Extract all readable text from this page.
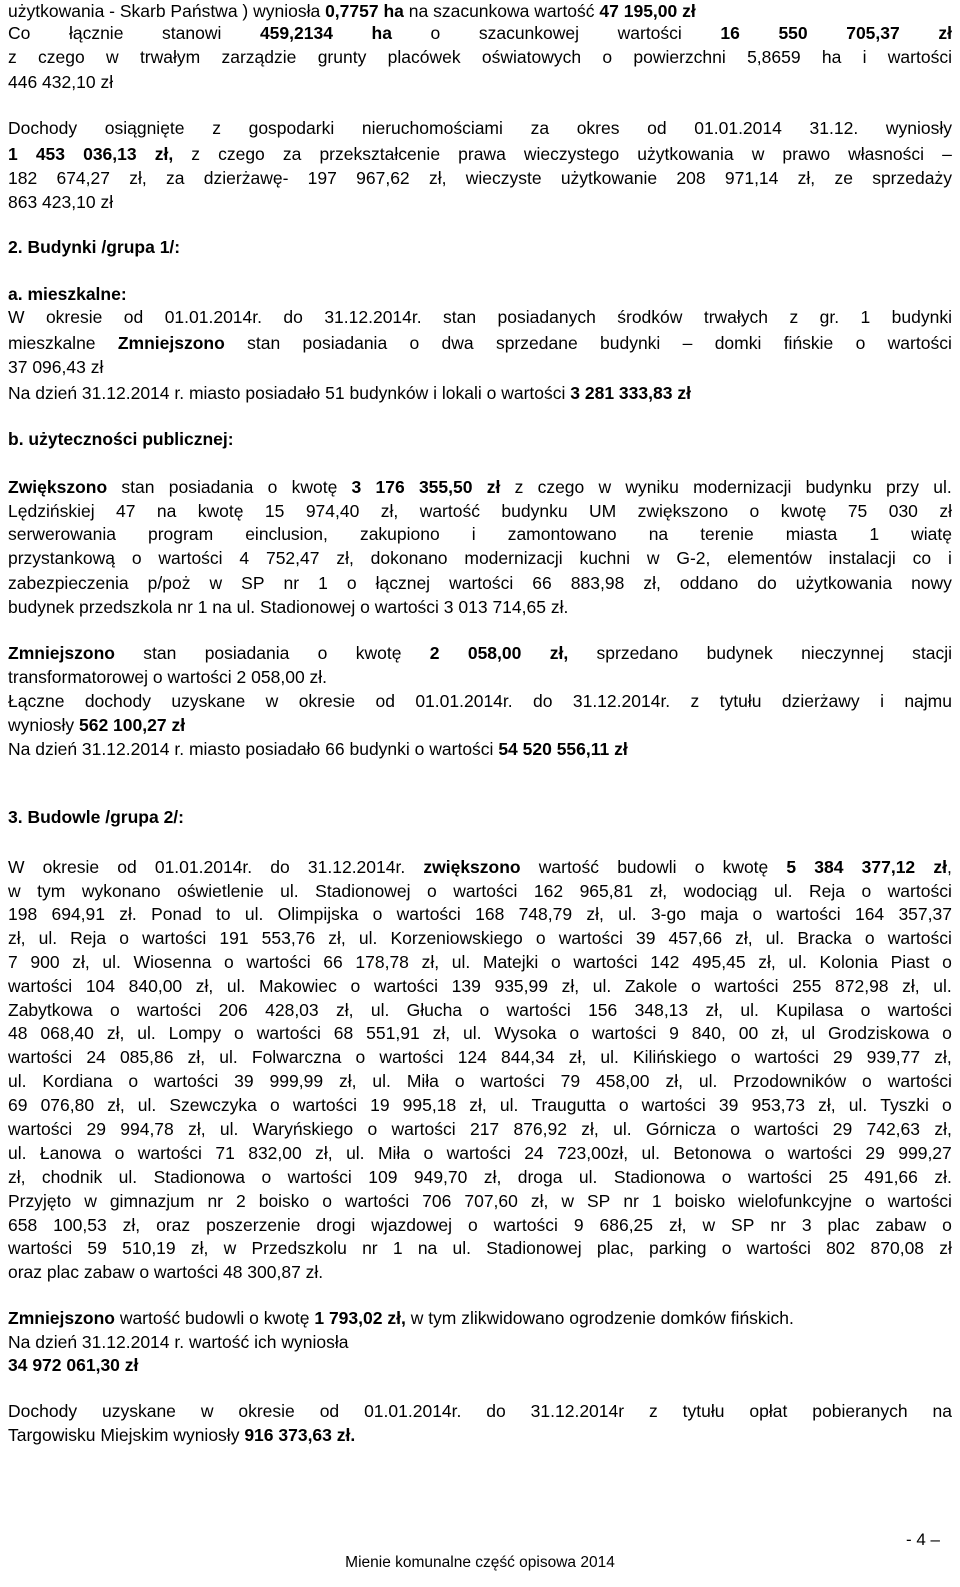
użytkowania - Skarb Państwa ) wyniosła 0,7757 ha na szacunkowa wartość 47 195,00 zł
Co łącznie stanowi 459,2134 ha o szacunkowej wartości 16 550 705,37 zł
z czego w trwałym zarządzie grunty placówek oświatowych o powierzchni 5,8659 ha i wartości
446 432,10 zł
Dochody osiągnięte z gospodarki nieruchomościami za okres od 01.01.2014 31.12. wyniosły
1 453 036,13 zł, z czego za przekształcenie prawa wieczystego użytkowania w prawo własności –
182 674,27 zł, za dzierżawę- 197 967,62 zł, wieczyste użytkowanie 208 971,14 zł, ze sprzedaży
863 423,10 zł
2. Budynki /grupa 1/:
a. mieszkalne:
W okresie od 01.01.2014r. do 31.12.2014r. stan posiadanych środków trwałych z gr. 1 budynki
mieszkalne Zmniejszono stan posiadania o dwa sprzedane budynki – domki fińskie o wartości
37 096,43 zł
Na dzień 31.12.2014 r. miasto posiadało 51 budynków i lokali o wartości 3 281 333,83 zł
b. użyteczności publicznej:
Zwiększono stan posiadania o kwotę 3 176 355,50 zł z czego w wyniku modernizacji budynku przy ul.
Lędzińskiej 47 na kwotę 15 974,40 zł, wartość budynku UM zwiększono o kwotę 75 030 zł
serwerowania program einclusion, zakupiono i zamontowano na terenie miasta 1 wiatę
przystankową o wartości 4 752,47 zł, dokonano modernizacji kuchni w G-2, elementów instalacji co i
zabezpieczenia p/poż w SP nr 1 o łącznej wartości 66 883,98 zł, oddano do użytkowania nowy
budynek przedszkola nr 1 na ul. Stadionowej o wartości 3 013 714,65 zł.
Zmniejszono stan posiadania o kwotę 2 058,00 zł, sprzedano budynek nieczynnej stacji
transformatorowej o wartości 2 058,00 zł.
Łączne dochody uzyskane w okresie od 01.01.2014r. do 31.12.2014r. z tytułu dzierżawy i najmu
wyniosły 562 100,27 zł
Na dzień 31.12.2014 r. miasto posiadało 66 budynki o wartości 54 520 556,11 zł
3. Budowle /grupa 2/:
W okresie od 01.01.2014r. do 31.12.2014r. zwiększono wartość budowli o kwotę 5 384 377,12 zł,
w tym wykonano oświetlenie ul. Stadionowej o wartości 162 965,81 zł, wodociąg ul. Reja o wartości
198 694,91 zł. Ponad to ul. Olimpijska o wartości 168 748,79 zł, ul. 3-go maja o wartości 164 357,37
zł, ul. Reja o wartości 191 553,76 zł, ul. Korzeniowskiego o wartości 39 457,66 zł, ul. Bracka o wartości
7 900 zł, ul. Wiosenna o wartości 66 178,78 zł, ul. Matejki o wartości 142 495,45 zł, ul. Kolonia Piast o
wartości 104 840,00 zł, ul. Makowiec o wartości 139 935,99 zł, ul. Zakole o wartości 255 872,98 zł, ul.
Zabytkowa o wartości 206 428,03 zł, ul. Głucha o wartości 156 348,13 zł, ul. Kupilasa o wartości
48 068,40 zł, ul. Lompy o wartości 68 551,91 zł, ul. Wysoka o wartości 9 840, 00 zł, ul Grodziskowa o
wartości 24 085,86 zł, ul. Folwarczna o wartości 124 844,34 zł, ul. Kilińskiego o wartości 29 939,77 zł,
ul. Kordiana o wartości 39 999,99 zł, ul. Miła o wartości 79 458,00 zł, ul. Przodowników o wartości
69 076,80 zł, ul. Szewczyka o wartości 19 995,18 zł, ul. Traugutta o wartości 39 953,73 zł, ul. Tyszki o
wartości 29 994,78 zł, ul. Waryńskiego o wartości 217 876,92 zł, ul. Górnicza o wartości 29 742,63 zł,
ul. Łanowa o wartości 71 832,00 zł, ul. Miła o wartości 24 723,00zł, ul. Betonowa o wartości 29 999,27
zł, chodnik ul. Stadionowa o wartości 109 949,70 zł, droga ul. Stadionowa o wartości 25 491,66 zł.
Przyjęto w gimnazjum nr 2 boisko o wartości 706 707,60 zł, w SP nr 1 boisko wielofunkcyjne o wartości
658 100,53 zł, oraz poszerzenie drogi wjazdowej o wartości 9 686,25 zł, w SP nr 3 plac zabaw o
wartości 59 510,19 zł, w Przedszkolu nr 1 na ul. Stadionowej plac, parking o wartości 802 870,08 zł
oraz plac zabaw o wartości 48 300,87 zł.
Zmniejszono wartość budowli o kwotę 1 793,02 zł, w tym zlikwidowano ogrodzenie domków fińskich.
Na dzień 31.12.2014 r. wartość ich wyniosła
34 972 061,30 zł
Dochody uzyskane w okresie od 01.01.2014r. do 31.12.2014r z tytułu opłat pobieranych na
Targowisku Miejskim wyniosły 916 373,63 zł.
- 4 –
Mienie komunalne część opisowa 2014
